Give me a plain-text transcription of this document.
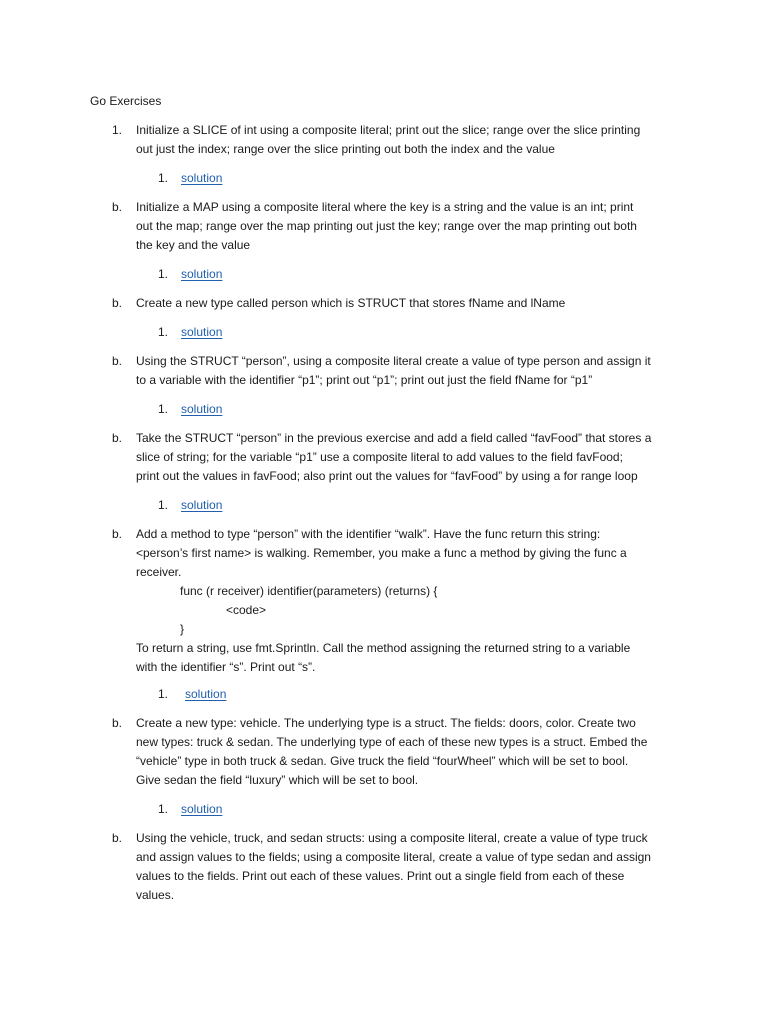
Go Exercises
1.	Initialize a SLICE of int using a composite literal; print out the slice; range over the slice printing
out just the index; range over the slice printing out both the index and the value
1. solution
b.	Initialize a MAP using a composite literal where the key is a string and the value is an int; print
out the map; range over the map printing out just the key; range over the map printing out both
the key and the value
1. solution
b.	Create a new type called person which is STRUCT that stores fName and lName
1. solution
b.	Using the STRUCT “person”, using a composite literal create a value of type person and assign it
to a variable with the identifier “p1”; print out “p1”; print out just the field fName for “p1”
1. solution
b.	Take the STRUCT “person” in the previous exercise and add a field called “favFood” that stores a
slice of string; for the variable “p1” use a composite literal to add values to the field favFood;
print out the values in favFood; also print out the values for “favFood” by using a for range loop
1. solution
b.	Add a method to type “person” with the identifier “walk”. Have the func return this string:
<person’s first name> is walking. Remember, you make a func a method by giving the func a
receiver.
func (r receiver) identifier(parameters) (returns) {
<code>
}
To return a string, use fmt.Sprintln. Call the method assigning the returned string to a variable
with the identifier “s”. Print out “s”.
1. solution
b.	Create a new type: vehicle. The underlying type is a struct. The fields: doors, color. Create two
new types: truck & sedan. The underlying type of each of these new types is a struct. Embed the
“vehicle” type in both truck & sedan. Give truck the field “fourWheel” which will be set to bool.
Give sedan the field “luxury” which will be set to bool.
1. solution
b.	Using the vehicle, truck, and sedan structs: using a composite literal, create a value of type truck
and assign values to the fields; using a composite literal, create a value of type sedan and assign
values to the fields. Print out each of these values. Print out a single field from each of these
values.
